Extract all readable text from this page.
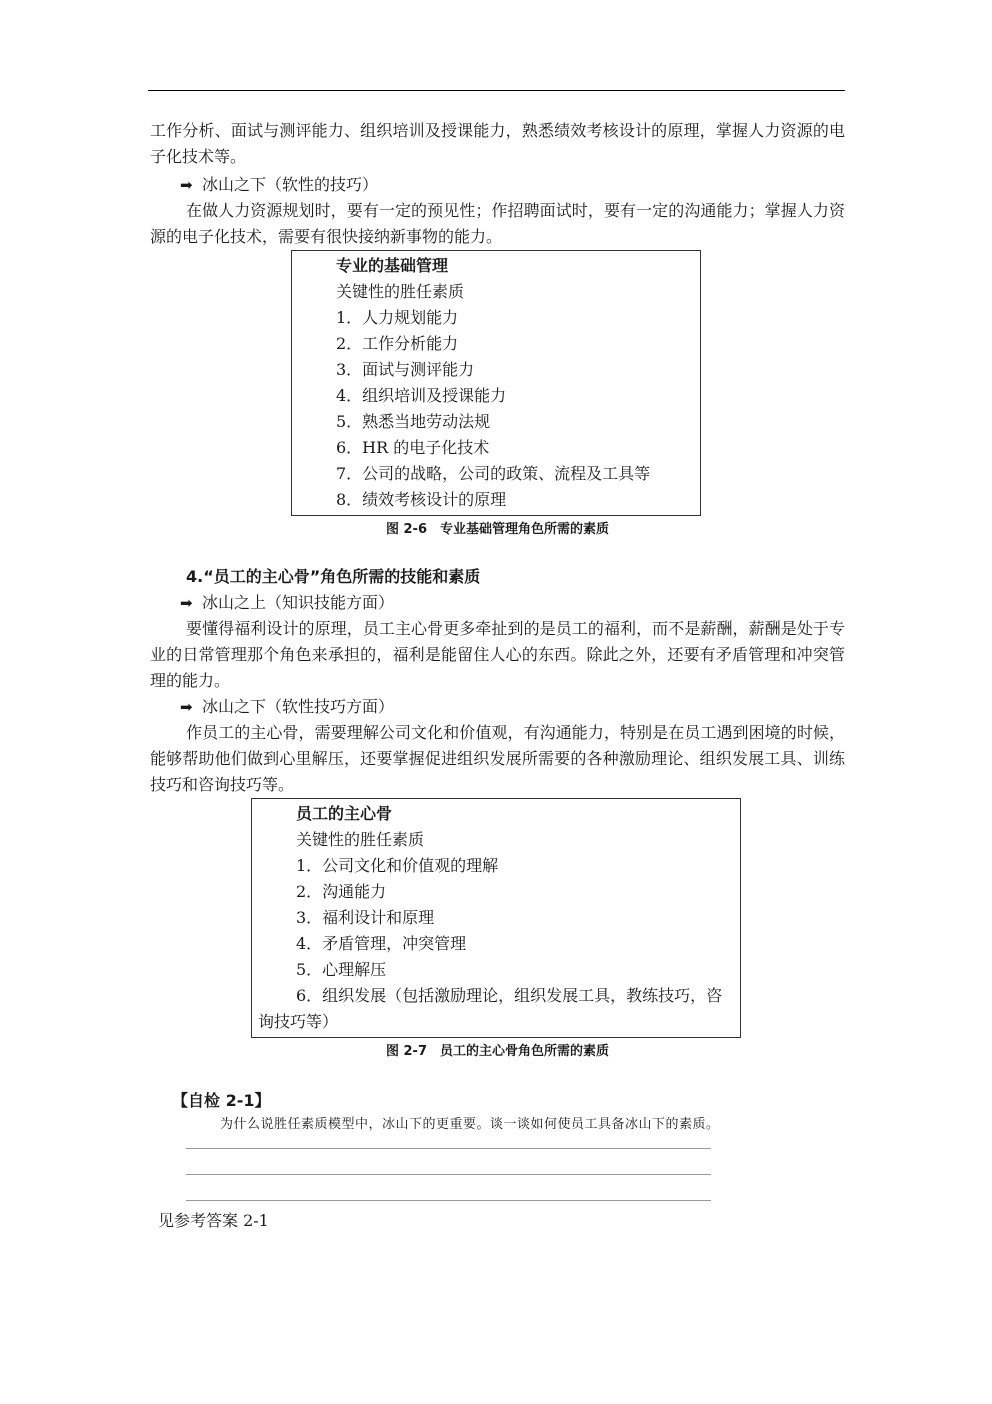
工作分析、面试与测评能力、组织培训及授课能力，熟悉绩效考核设计的原理，掌握人力资源的电子化技术等。

➡ 冰山之下（软性的技巧）

在做人力资源规划时，要有一定的预见性；作招聘面试时，要有一定的沟通能力；掌握人力资源的电子化技术，需要有很快接纳新事物的能力。

专业的基础管理
关键性的胜任素质
1．人力规划能力
2．工作分析能力
3．面试与测评能力
4．组织培训及授课能力
5．熟悉当地劳动法规
6．HR 的电子化技术
7．公司的战略，公司的政策、流程及工具等
8．绩效考核设计的原理

图 2-6　专业基础管理角色所需的素质

4.“员工的主心骨”角色所需的技能和素质

➡ 冰山之上（知识技能方面）

要懂得福利设计的原理，员工主心骨更多牵扯到的是员工的福利，而不是薪酬，薪酬是处于专业的日常管理那个角色来承担的，福利是能留住人心的东西。除此之外，还要有矛盾管理和冲突管理的能力。

➡ 冰山之下（软性技巧方面）

作员工的主心骨，需要理解公司文化和价值观，有沟通能力，特别是在员工遇到困境的时候，能够帮助他们做到心里解压，还要掌握促进组织发展所需要的各种激励理论、组织发展工具、训练技巧和咨询技巧等。

员工的主心骨
关键性的胜任素质
1．公司文化和价值观的理解
2．沟通能力
3．福利设计和原理
4．矛盾管理，冲突管理
5．心理解压
6．组织发展（包括激励理论，组织发展工具，教练技巧，咨询技巧等）

图 2-7　员工的主心骨角色所需的素质

【自检 2-1】

为什么说胜任素质模型中，冰山下的更重要。谈一谈如何使员工具备冰山下的素质。

见参考答案 2-1
